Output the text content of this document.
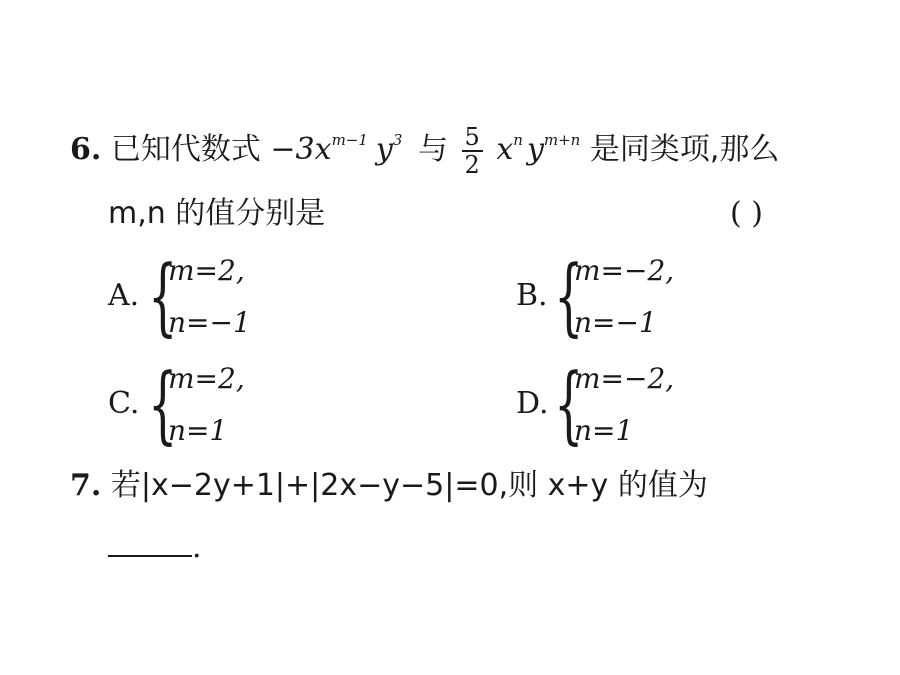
6. 已知代数式 $-3x^{m-1}$ $y^3$ 与 $\frac{5}{2} x^n$ $y^{m+n}$ 是同类项,那么
m,n 的值分别是	( )
A. {
m=2,
n=−1
B. {
m=−2,
n=−1
C. {
m=2,
n=1
D. {
m=−2,
n=1
7. 若|x−2y+1|+|2x−y−5|=0,则 x+y 的值为
.
